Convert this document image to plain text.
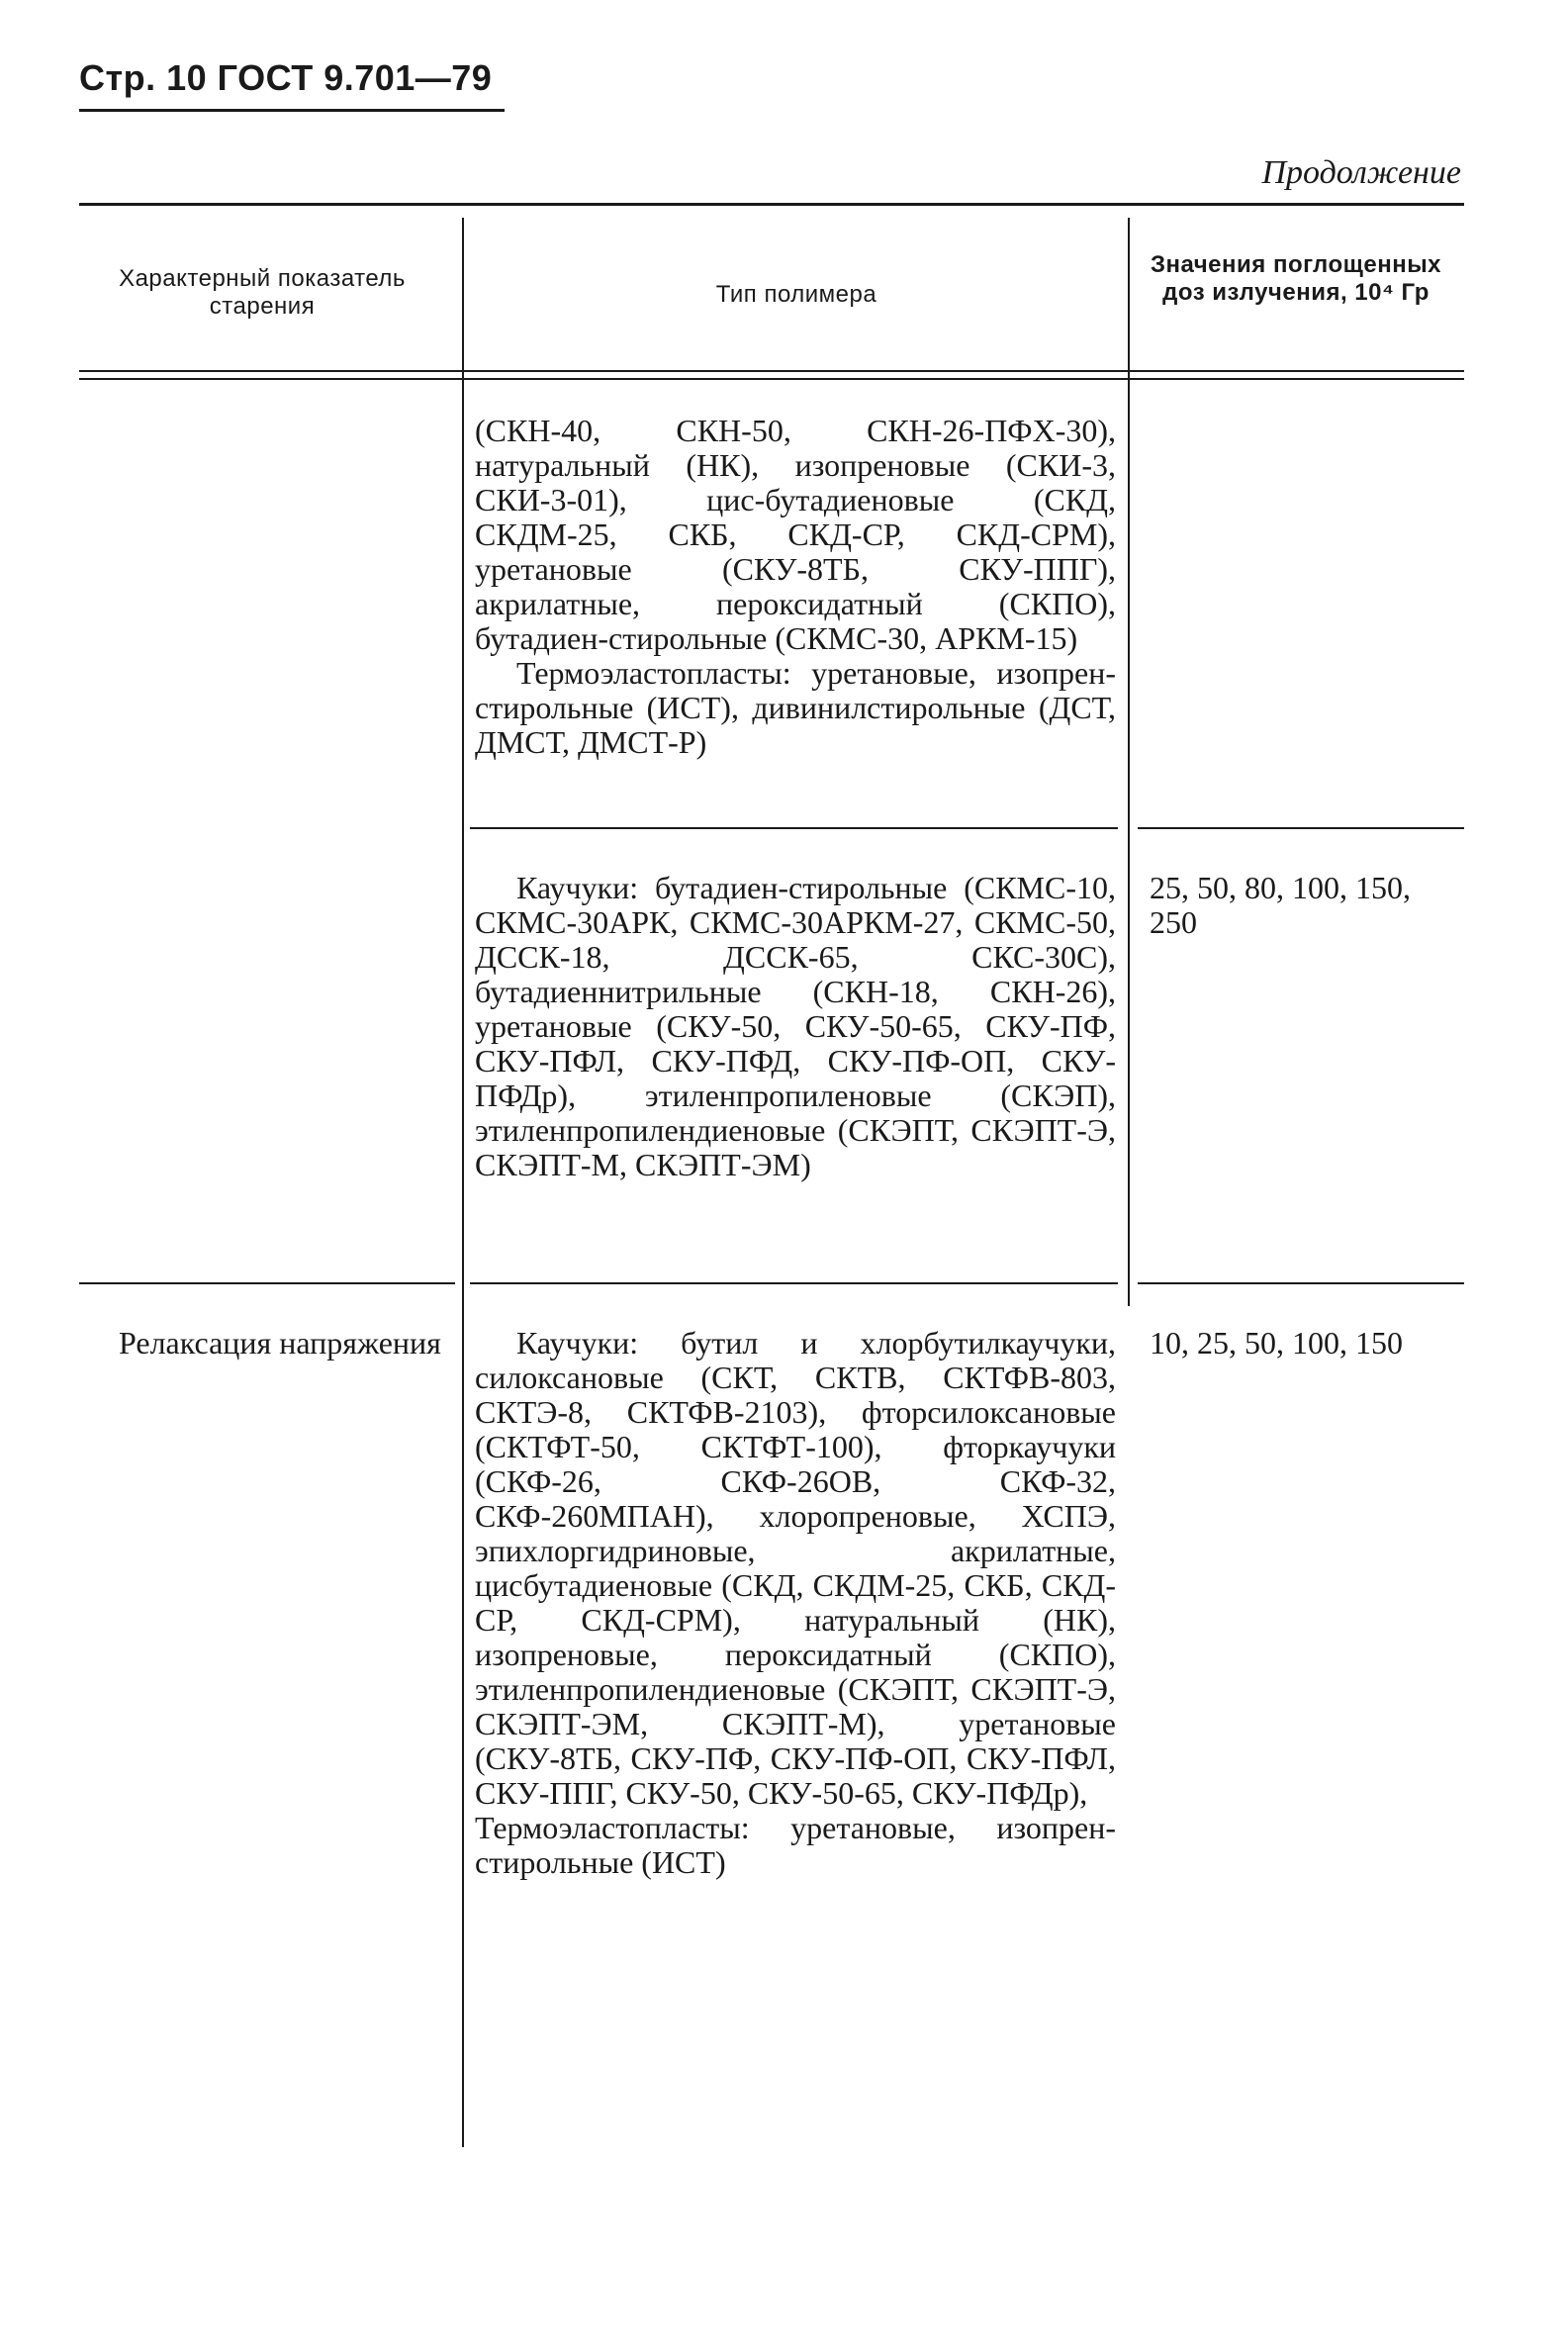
Стр. 10 ГОСТ 9.701—79
Продолжение
Характерный показатель старения	Тип полимера
Значения поглощенных доз излучения, 10⁴ Гр

(СКН-40, СКН-50, СКН-26-ПФХ-30), натуральный (НК), изопреновые (СКИ-3, СКИ-3-01), цис-бутадиеновые (СКД, СКДМ-25, СКБ, СКД-СР, СКД-СРМ), уретановые (СКУ-8ТБ, СКУ-ППГ), акрилатные, пероксидатный (СКПО), бутадиен-стирольные (СКМС-30, АРКМ-15)

Термоэластопласты: уретановые, изопрен-стирольные (ИСТ), дивинилстирольные (ДСТ, ДМСТ, ДМСТ-Р)

Каучуки: бутадиен-стирольные (СКМС-10, СКМС-30АРК, СКМС-30АРКМ-27, СКМС-50, ДССК-18, ДССК-65, СКС-30С), бутадиеннитрильные (СКН-18, СКН-26), уретановые (СКУ-50, СКУ-50-65, СКУ-ПФ, СКУ-ПФЛ, СКУ-ПФД, СКУ-ПФ-ОП, СКУ-ПФДр), этиленпропиленовые (СКЭП), этиленпропилендиеновые (СКЭПТ, СКЭПТ-Э, СКЭПТ-М, СКЭПТ-ЭМ)

25, 50, 80, 100, 150, 250

Релаксация напряжения	Каучуки: бутил и хлорбутилкаучуки, силоксановые (СКТ, СКТВ, СКТФВ-803, СКТЭ-8, СКТФВ-2103), фторсилоксановые (СКТФТ-50, СКТФТ-100), фторкаучуки (СКФ-26, СКФ-26ОВ, СКФ-32, СКФ-260МПАН), хлоропреновые, ХСПЭ, эпихлоргидриновые, акрилатные, цисбутадиеновые (СКД, СКДМ-25, СКБ, СКД-СР, СКД-СРМ), натуральный (НК), изопреновые, пероксидатный (СКПО), этиленпропилендиеновые (СКЭПТ, СКЭПТ-Э, СКЭПТ-ЭМ, СКЭПТ-М), уретановые (СКУ-8ТБ, СКУ-ПФ, СКУ-ПФ-ОП, СКУ-ПФЛ, СКУ-ППГ, СКУ-50, СКУ-50-65, СКУ-ПФДр),

Термоэластопласты: уретановые, изопрен-стирольные (ИСТ)

10, 25, 50, 100, 150
